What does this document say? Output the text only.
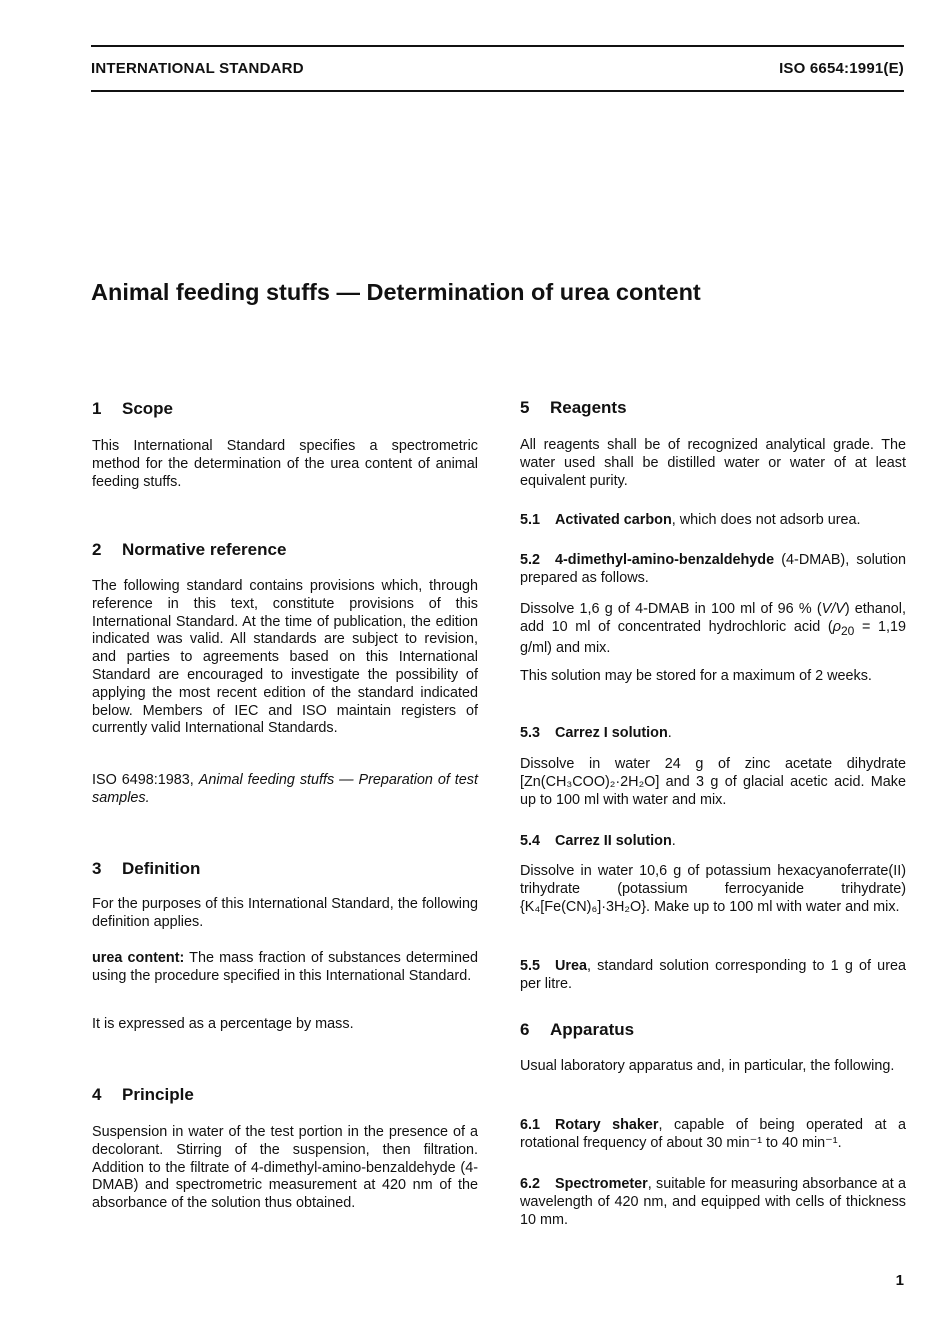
INTERNATIONAL STANDARD	ISO 6654:1991(E)
Animal feeding stuffs — Determination of urea content
1 Scope

This International Standard specifies a spectrometric method for the determination of the urea content of animal feeding stuffs.

2 Normative reference

The following standard contains provisions which, through reference in this text, constitute provisions of this International Standard. At the time of publication, the edition indicated was valid. All standards are subject to revision, and parties to agreements based on this International Standard are encouraged to investigate the possibility of applying the most recent edition of the standard indicated below. Members of IEC and ISO maintain registers of currently valid International Standards.

ISO 6498:1983, Animal feeding stuffs — Preparation of test samples.

3 Definition

For the purposes of this International Standard, the following definition applies.

urea content: The mass fraction of substances determined using the procedure specified in this International Standard.

It is expressed as a percentage by mass.

4 Principle

Suspension in water of the test portion in the presence of a decolorant. Stirring of the suspension, then filtration. Addition to the filtrate of 4-dimethyl-amino-benzaldehyde (4-DMAB) and spectrometric measurement at 420 nm of the absorbance of the solution thus obtained.

5 Reagents

All reagents shall be of recognized analytical grade. The water used shall be distilled water or water of at least equivalent purity.

5.1 Activated carbon, which does not adsorb urea.

5.2 4-dimethyl-amino-benzaldehyde (4-DMAB), solution prepared as follows.

Dissolve 1,6 g of 4-DMAB in 100 ml of 96 % (V/V) ethanol, add 10 ml of concentrated hydrochloric acid ($\rho_{20} = 1,19$ g/ml) and mix.

This solution may be stored for a maximum of 2 weeks.

5.3 Carrez I solution.

Dissolve in water 24 g of zinc acetate dihydrate [Zn(CH₃COO)₂·2H₂O] and 3 g of glacial acetic acid. Make up to 100 ml with water and mix.

5.4 Carrez II solution.

Dissolve in water 10,6 g of potassium hexacyanoferrate(II) trihydrate (potassium ferrocyanide trihydrate) {K₄[Fe(CN)₆]·3H₂O}. Make up to 100 ml with water and mix.

5.5 Urea, standard solution corresponding to 1 g of urea per litre.

6 Apparatus

Usual laboratory apparatus and, in particular, the following.

6.1 Rotary shaker, capable of being operated at a rotational frequency of about 30 min⁻¹ to 40 min⁻¹.

6.2 Spectrometer, suitable for measuring absorbance at a wavelength of 420 nm, and equipped with cells of thickness 10 mm.

1
